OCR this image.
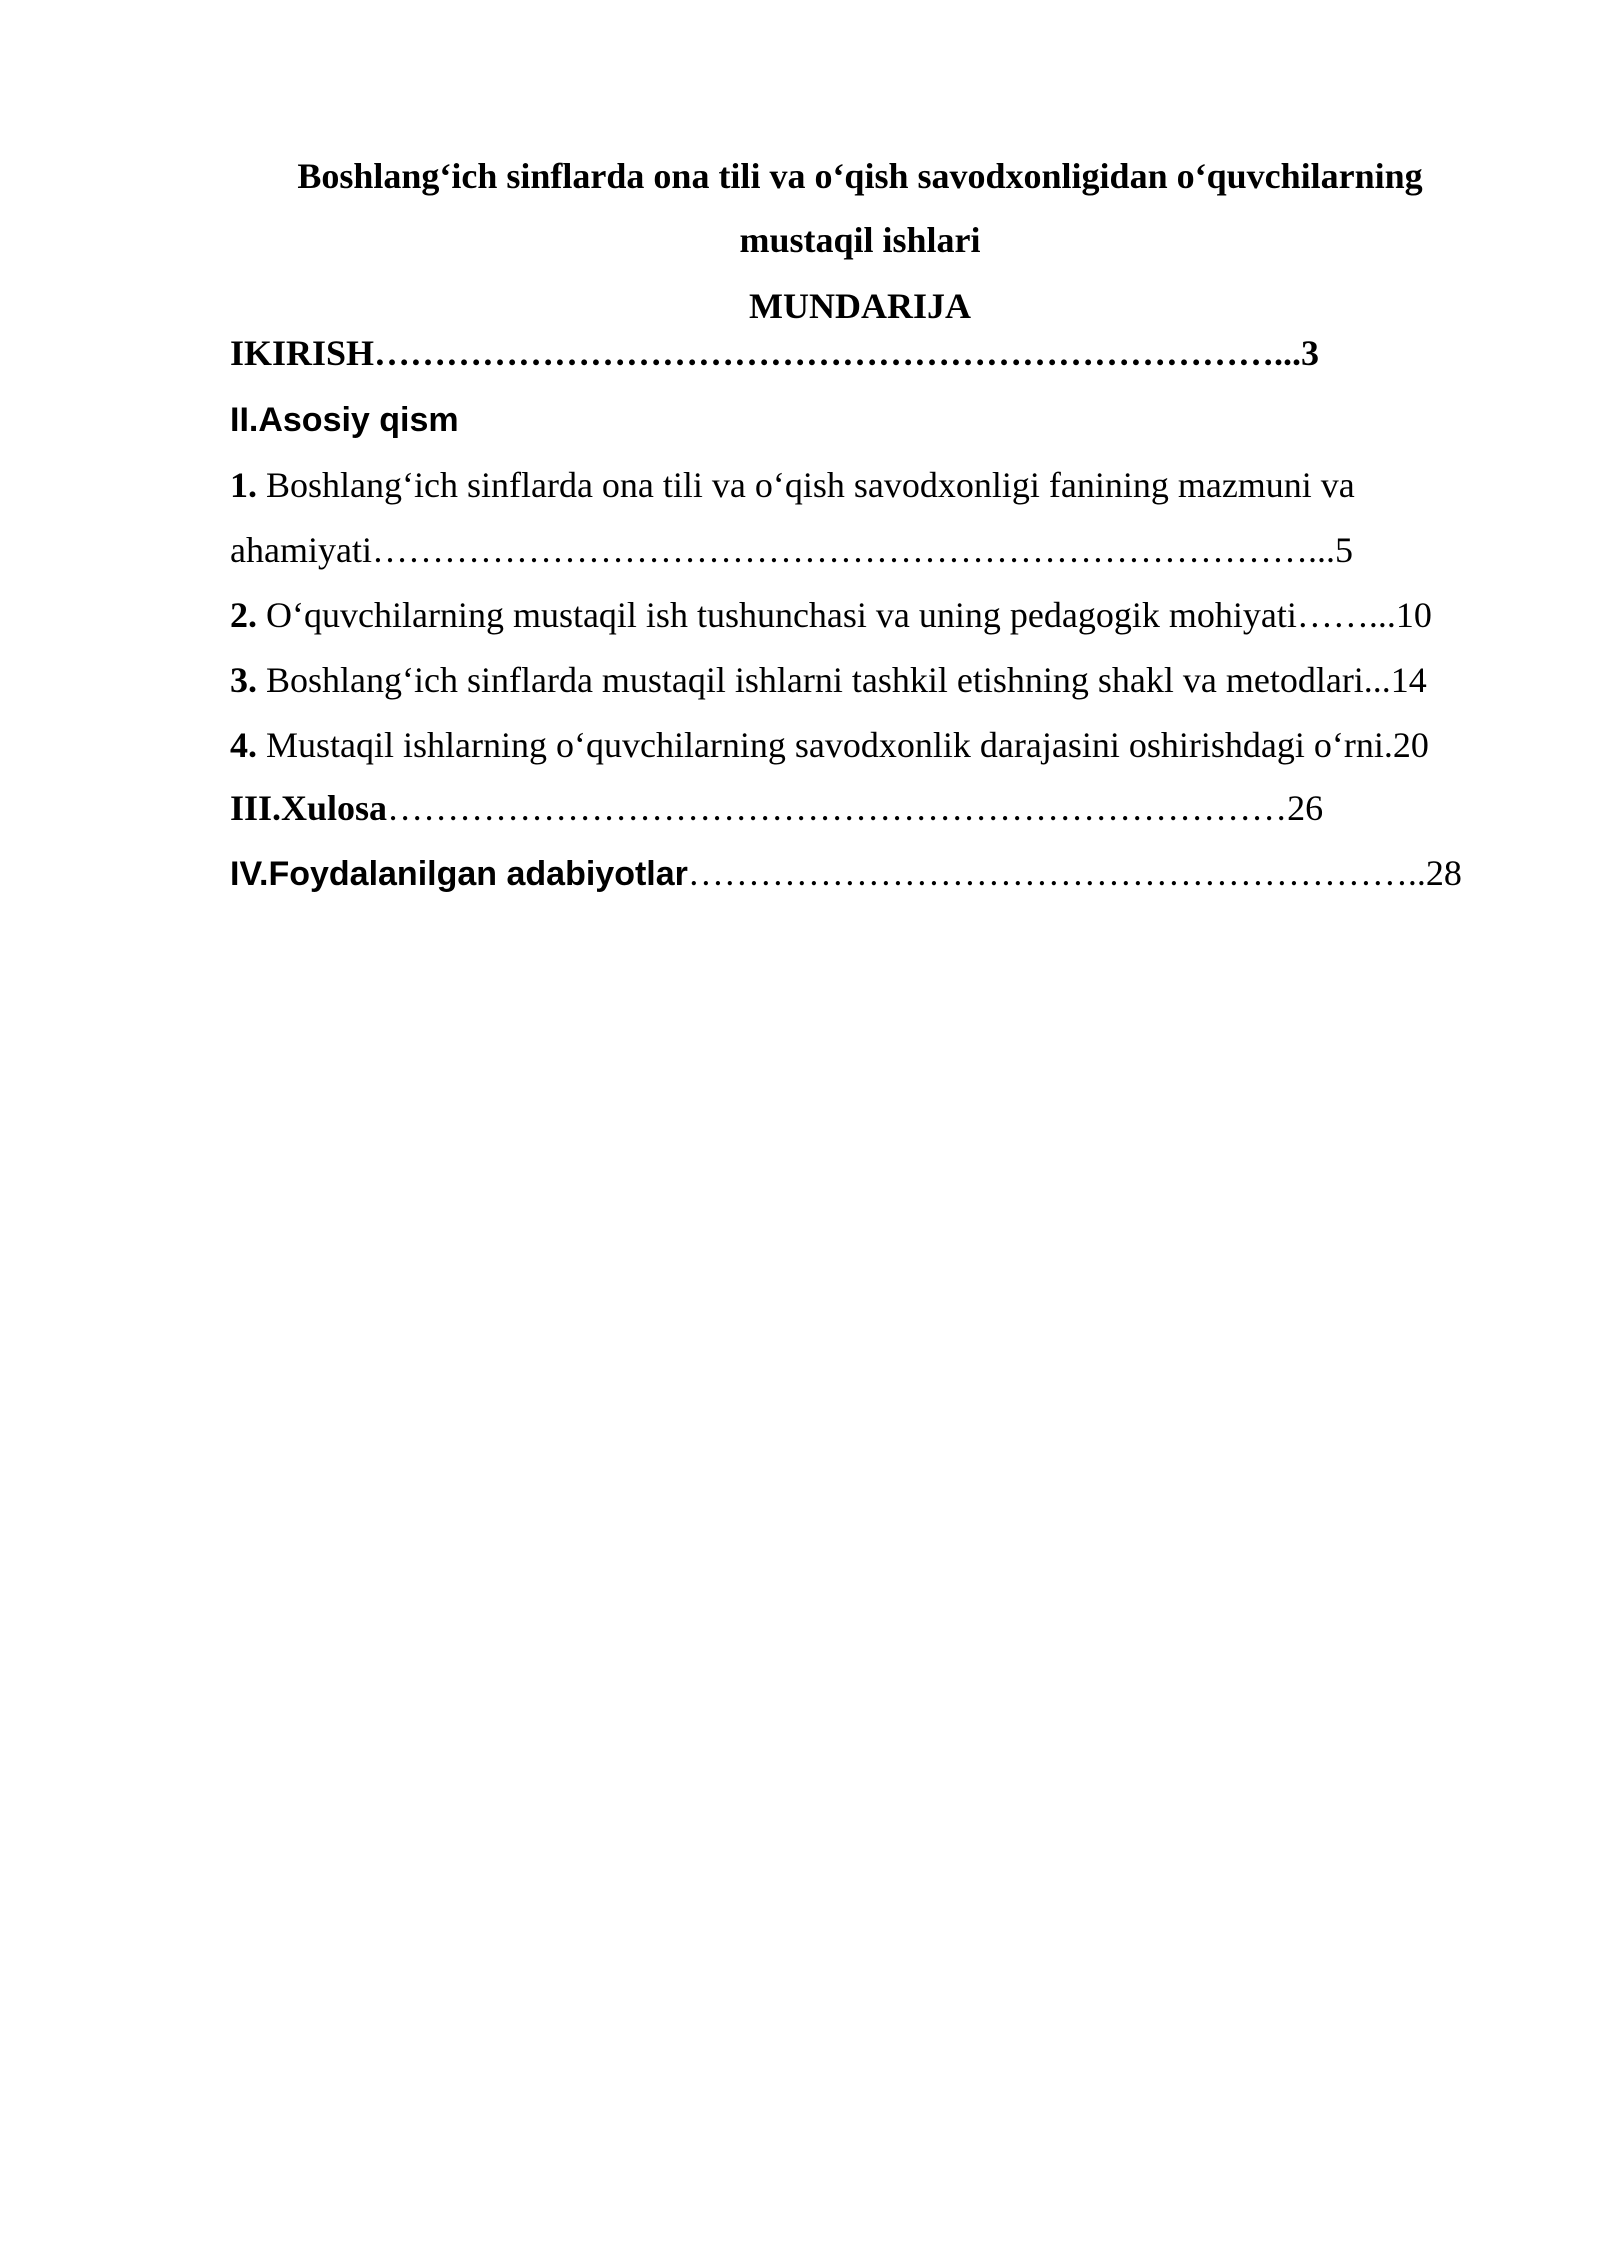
Boshlang‘ich sinflarda ona tili va o‘qish savodxonligidan o‘quvchilarning
mustaqil ishlari
MUNDARIJA
IKIRISH…………………………………………………………………...3
II.Asosiy qism
1. Boshlang‘ich sinflarda ona tili va o‘qish savodxonligi fanining mazmuni va
ahamiyati……………………………………………………………………...5
2. O‘quvchilarning mustaqil ish tushunchasi va uning pedagogik mohiyati……...10
3. Boshlang‘ich sinflarda mustaqil ishlarni tashkil etishning shakl va metodlari...14
4. Mustaqil ishlarning o‘quvchilarning savodxonlik darajasini oshirishdagi o‘rni.20
III.Xulosa…………………………………………………………………26
IV.Foydalanilgan adabiyotlar……………………………………………………..28
